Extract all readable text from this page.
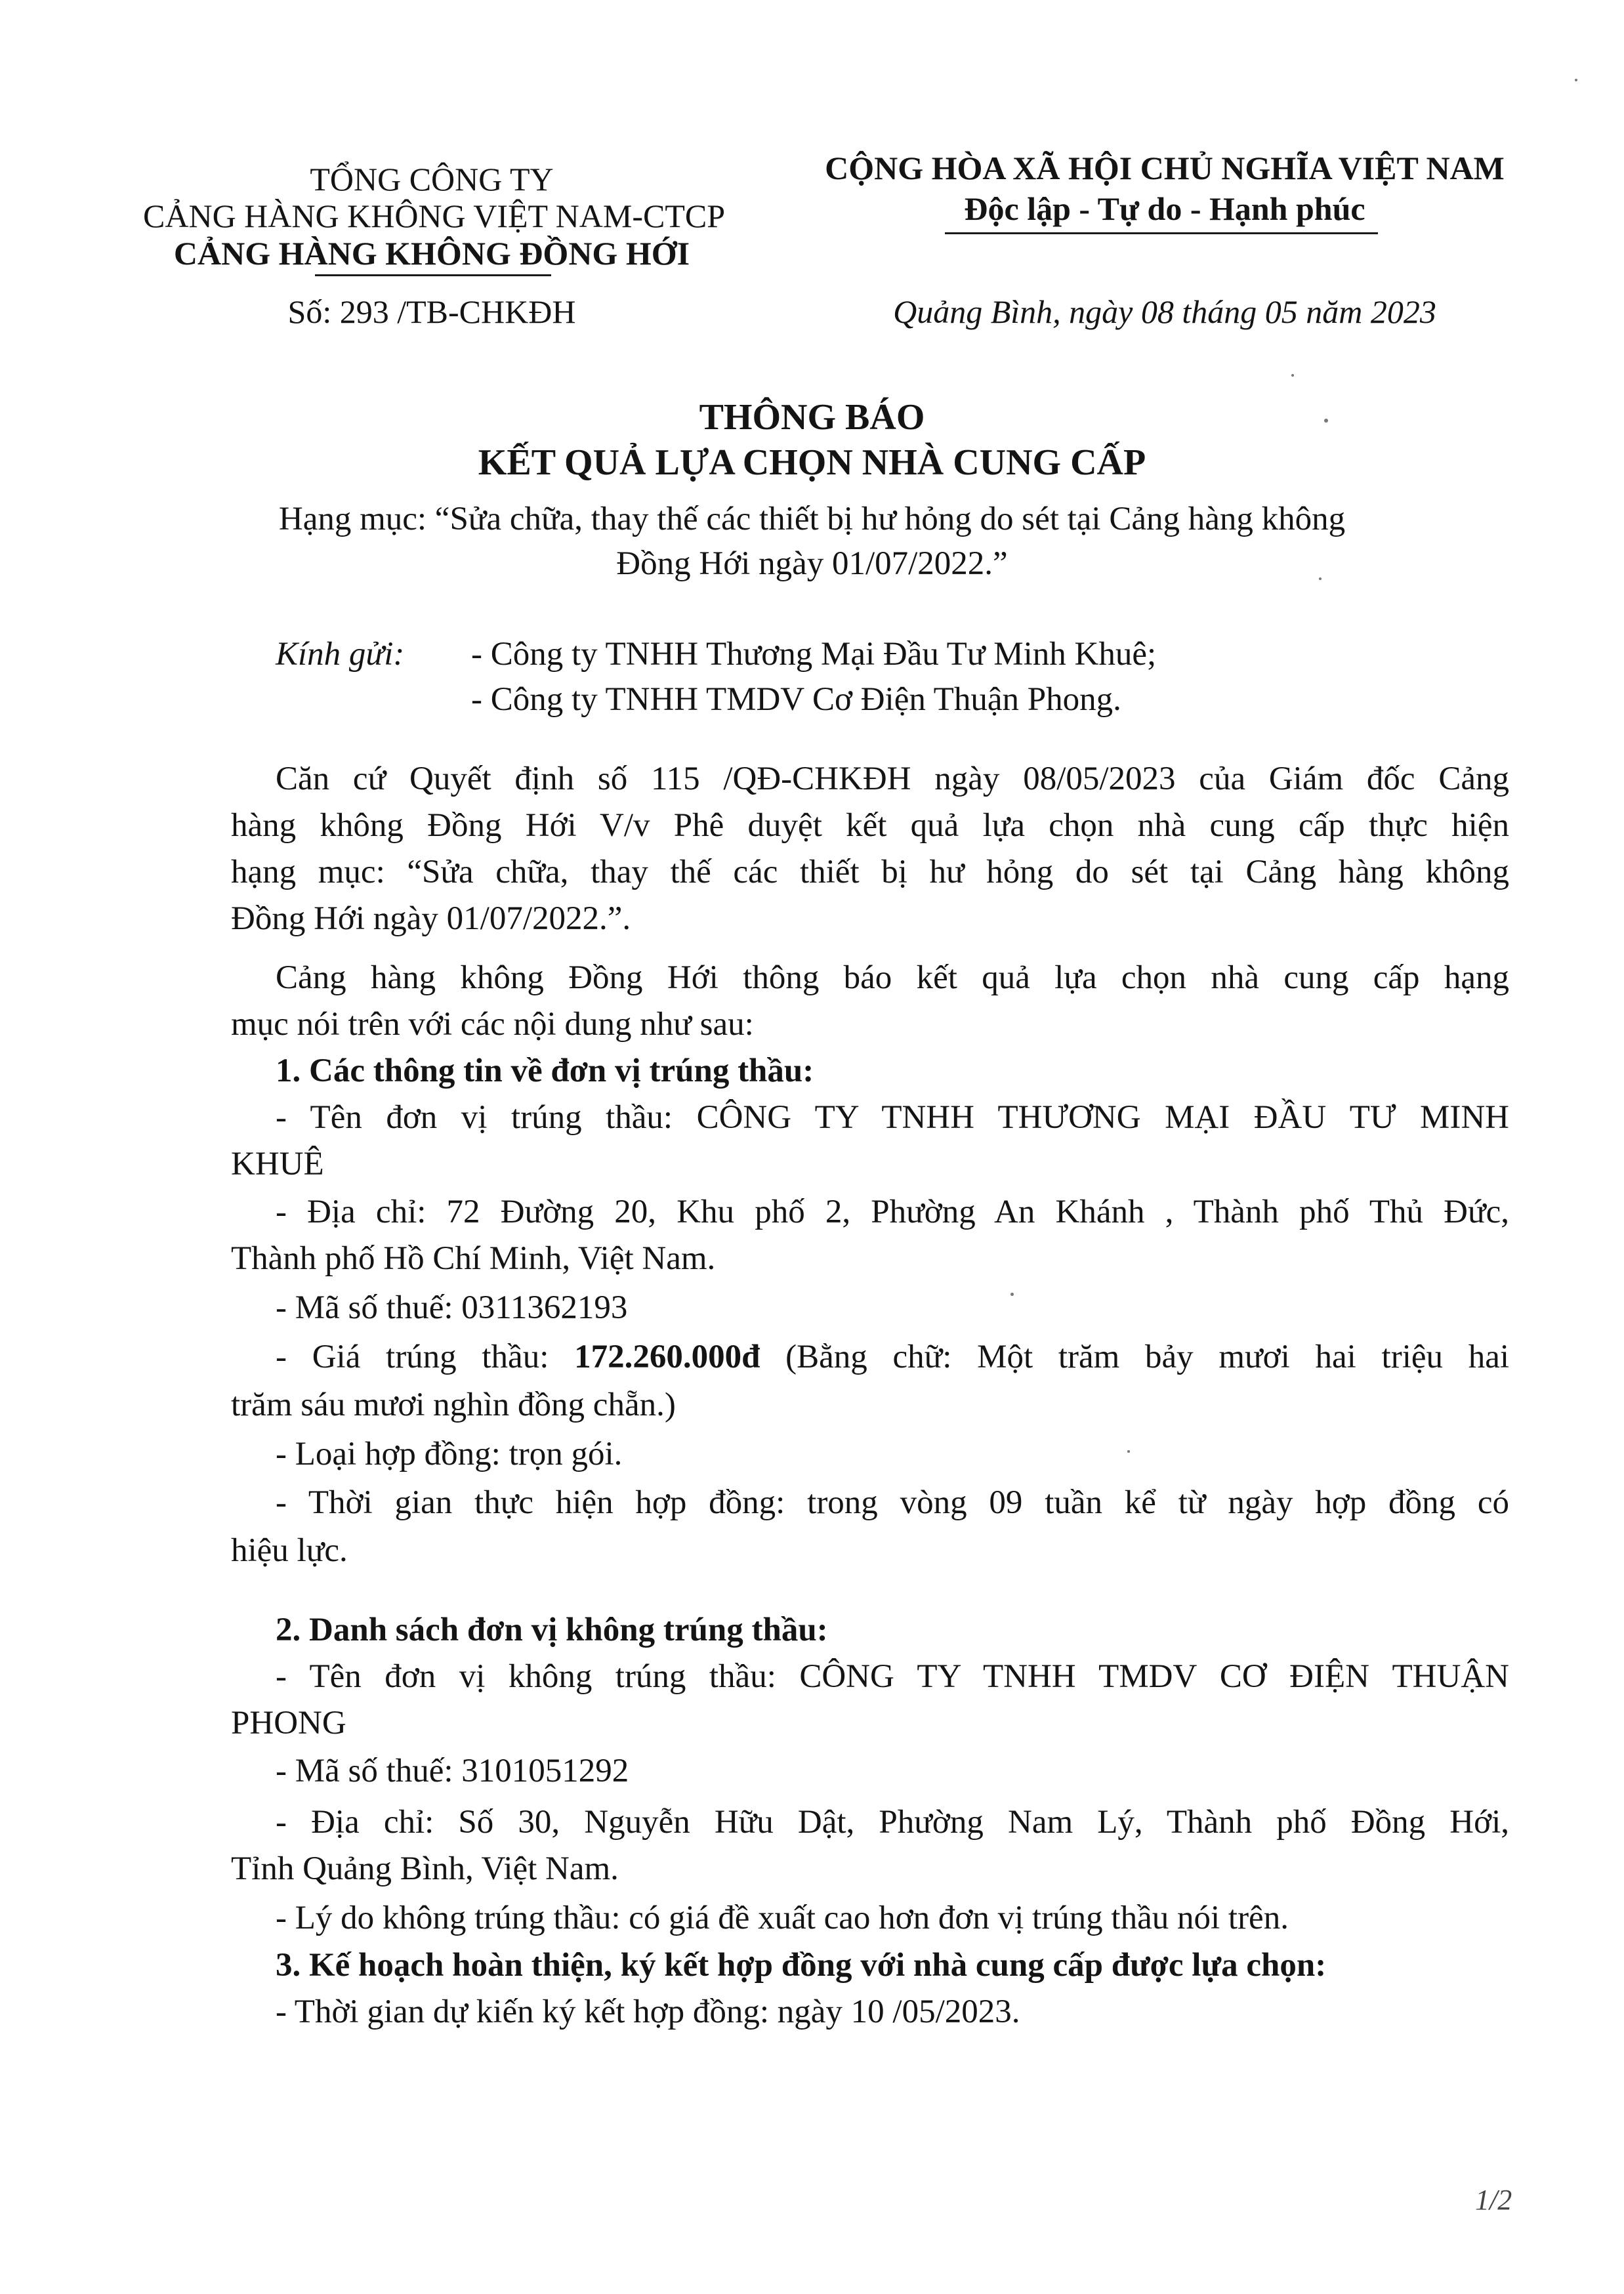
TỔNG CÔNG TY
CẢNG HÀNG KHÔNG VIỆT NAM-CTCP
CẢNG HÀNG KHÔNG ĐỒNG HỚI
Số: 293 /TB-CHKĐH
CỘNG HÒA XÃ HỘI CHỦ NGHĨA VIỆT NAM
Độc lập - Tự do - Hạnh phúc
Quảng Bình, ngày 08 tháng 05 năm 2023
THÔNG BÁO
KẾT QUẢ LỰA CHỌN NHÀ CUNG CẤP
Hạng mục: “Sửa chữa, thay thế các thiết bị hư hỏng do sét tại Cảng hàng không
Đồng Hới ngày 01/07/2022.”
Kính gửi: - Công ty TNHH Thương Mại Đầu Tư Minh Khuê;
- Công ty TNHH TMDV Cơ Điện Thuận Phong.
Căn cứ Quyết định số 115 /QĐ-CHKĐH ngày 08/05/2023 của Giám đốc Cảng
hàng không Đồng Hới V/v Phê duyệt kết quả lựa chọn nhà cung cấp thực hiện
hạng mục: “Sửa chữa, thay thế các thiết bị hư hỏng do sét tại Cảng hàng không
Đồng Hới ngày 01/07/2022.”.
Cảng hàng không Đồng Hới thông báo kết quả lựa chọn nhà cung cấp hạng
mục nói trên với các nội dung như sau:
1. Các thông tin về đơn vị trúng thầu:
- Tên đơn vị trúng thầu: CÔNG TY TNHH THƯƠNG MẠI ĐẦU TƯ MINH
KHUÊ
- Địa chỉ: 72 Đường 20, Khu phố 2, Phường An Khánh , Thành phố Thủ Đức,
Thành phố Hồ Chí Minh, Việt Nam.
- Mã số thuế: 0311362193
- Giá trúng thầu: 172.260.000đ (Bằng chữ: Một trăm bảy mươi hai triệu hai
trăm sáu mươi nghìn đồng chẵn.)
- Loại hợp đồng: trọn gói.
- Thời gian thực hiện hợp đồng: trong vòng 09 tuần kể từ ngày hợp đồng có
hiệu lực.
2. Danh sách đơn vị không trúng thầu:
- Tên đơn vị không trúng thầu: CÔNG TY TNHH TMDV CƠ ĐIỆN THUẬN
PHONG
- Mã số thuế: 3101051292
- Địa chỉ: Số 30, Nguyễn Hữu Dật, Phường Nam Lý, Thành phố Đồng Hới,
Tỉnh Quảng Bình, Việt Nam.
- Lý do không trúng thầu: có giá đề xuất cao hơn đơn vị trúng thầu nói trên.
3. Kế hoạch hoàn thiện, ký kết hợp đồng với nhà cung cấp được lựa chọn:
- Thời gian dự kiến ký kết hợp đồng: ngày 10 /05/2023.
1/2
